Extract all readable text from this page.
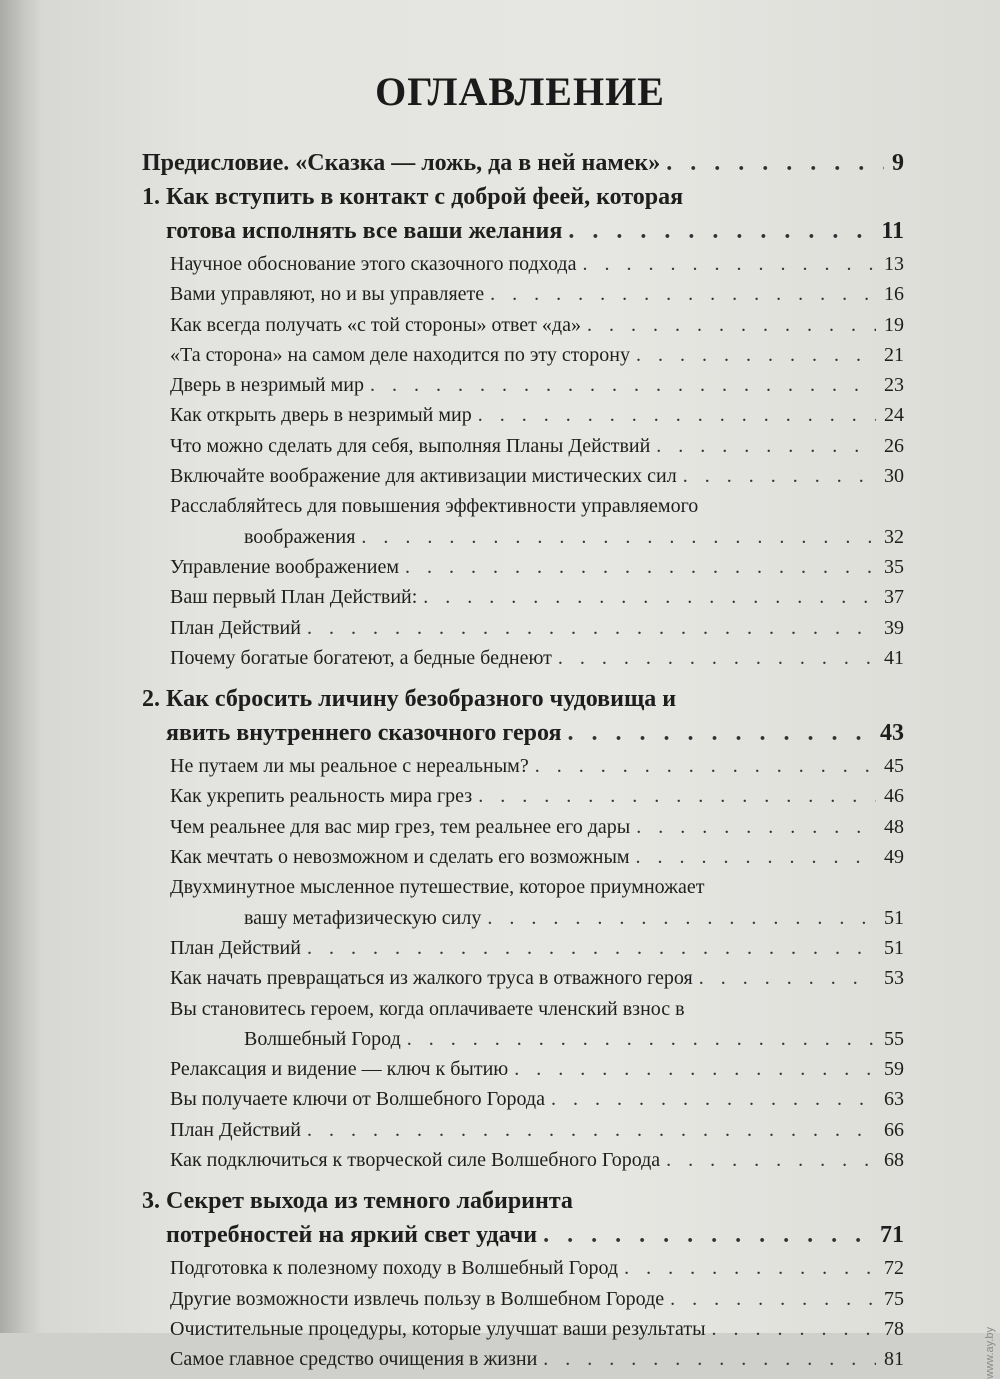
ОГЛАВЛЕНИЕ
Предисловие. «Сказка — ложь, да в ней намек» . . .	9
1. Как вступить в контакт с доброй феей, которая
готова исполнять все ваши желания . . .	11
Научное обоснование этого сказочного подхода . . .	13
Вами управляют, но и вы управляете . . .	16
Как всегда получать «с той стороны» ответ «да» . . .	19
«Та сторона» на самом деле находится по эту сторону . . .	21
Дверь в незримый мир . . .	23
Как открыть дверь в незримый мир . . .	24
Что можно сделать для себя, выполняя Планы Действий . . .	26
Включайте воображение для активизации мистических сил . . .	30
Расслабляйтесь для повышения эффективности управляемого
воображения . . .	32
Управление воображением . . .	35
Ваш первый План Действий: . . .	37
План Действий . . .	39
Почему богатые богатеют, а бедные беднеют . . .	41
2. Как сбросить личину безобразного чудовища и
явить внутреннего сказочного героя . . .	43
Не путаем ли мы реальное с нереальным? . . .	45
Как укрепить реальность мира грез . . .	46
Чем реальнее для вас мир грез, тем реальнее его дары . . .	48
Как мечтать о невозможном и сделать его возможным . . .	49
Двухминутное мысленное путешествие, которое приумножает
вашу метафизическую силу . . .	51
План Действий . . .	51
Как начать превращаться из жалкого труса в отважного героя . . .	53
Вы становитесь героем, когда оплачиваете членский взнос в
Волшебный Город . . .	55
Релаксация и видение — ключ к бытию . . .	59
Вы получаете ключи от Волшебного Города . . .	63
План Действий . . .	66
Как подключиться к творческой силе Волшебного Города . . .	68
3. Секрет выхода из темного лабиринта
потребностей на яркий свет удачи . . .	71
Подготовка к полезному походу в Волшебный Город . . .	72
Другие возможности извлечь пользу в Волшебном Городе . . .	75
Очистительные процедуры, которые улучшат ваши результаты . . .	78
Самое главное средство очищения в жизни . . .	81	www.ay.by
